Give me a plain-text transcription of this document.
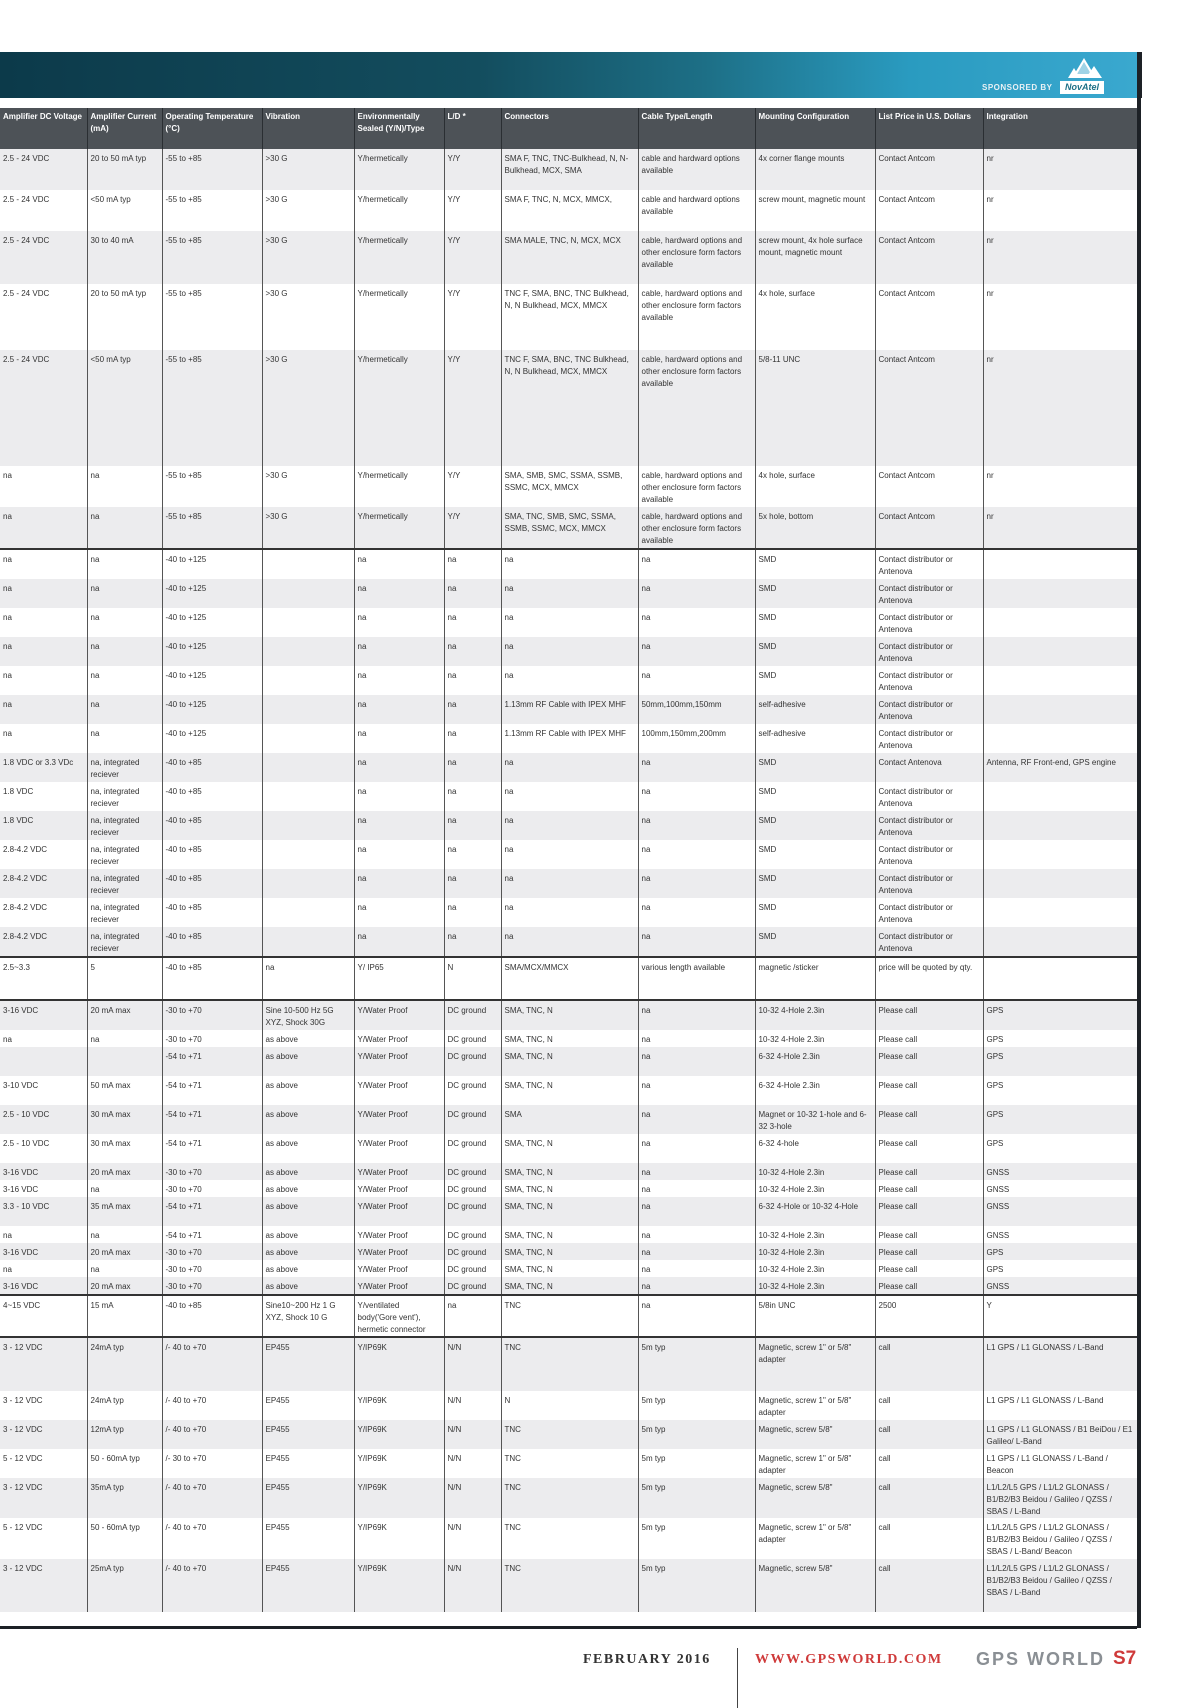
SPONSORED BY	NovAtel
Amplifier DC Voltage	Amplifier Current (mA)	Operating Temperature (°C)	Vibration	Environmentally Sealed (Y/N)/Type	L/D *	Connectors	Cable Type/Length	Mounting Configuration	List Price in U.S. Dollars	Integration
2.5 - 24 VDC	20 to 50 mA typ	-55 to +85	>30 G	Y/hermetically	Y/Y	SMA F, TNC, TNC-Bulkhead, N, N-Bulkhead, MCX, SMA	cable and hardward options available	4x corner flange mounts	Contact Antcom	nr
2.5 - 24 VDC	<50 mA typ	-55 to +85	>30 G	Y/hermetically	Y/Y	SMA F, TNC, N, MCX, MMCX,	cable and hardward options available	screw mount, magnetic mount	Contact Antcom	nr
2.5 - 24 VDC	30 to 40 mA	-55 to +85	>30 G	Y/hermetically	Y/Y	SMA MALE, TNC, N, MCX, MCX	cable, hardward options and other enclosure form factors available	screw mount, 4x hole surface mount, magnetic mount	Contact Antcom	nr
2.5 - 24 VDC	20 to 50 mA typ	-55 to +85	>30 G	Y/hermetically	Y/Y	TNC F, SMA, BNC, TNC Bulkhead, N, N Bulkhead, MCX, MMCX	cable, hardward options and other enclosure form factors available	4x hole, surface	Contact Antcom	nr
2.5 - 24 VDC	<50 mA typ	-55 to +85	>30 G	Y/hermetically	Y/Y	TNC F, SMA, BNC, TNC Bulkhead, N, N Bulkhead, MCX, MMCX	cable, hardward options and other enclosure form factors available	5/8-11 UNC	Contact Antcom	nr
na	na	-55 to +85	>30 G	Y/hermetically	Y/Y	SMA, SMB, SMC, SSMA, SSMB, SSMC, MCX, MMCX	cable, hardward options and other enclosure form factors available	4x hole, surface	Contact Antcom	nr
na	na	-55 to +85	>30 G	Y/hermetically	Y/Y	SMA, TNC, SMB, SMC, SSMA, SSMB, SSMC, MCX, MMCX	cable, hardward options and other enclosure form factors available	5x hole, bottom	Contact Antcom	nr
na	na	-40 to +125		na	na	na	na	SMD	Contact distributor or Antenova	
na	na	-40 to +125		na	na	na	na	SMD	Contact distributor or Antenova	
na	na	-40 to +125		na	na	na	na	SMD	Contact distributor or Antenova	
na	na	-40 to +125		na	na	na	na	SMD	Contact distributor or Antenova	
na	na	-40 to +125		na	na	na	na	SMD	Contact distributor or Antenova	
na	na	-40 to +125		na	na	1.13mm RF Cable with IPEX MHF	50mm,100mm,150mm	self-adhesive	Contact distributor or Antenova	
na	na	-40 to +125		na	na	1.13mm RF Cable with IPEX MHF	100mm,150mm,200mm	self-adhesive	Contact distributor or Antenova	
1.8 VDC or 3.3 VDc	na, integrated reciever	-40 to +85		na	na	na	na	SMD	Contact Antenova	Antenna, RF Front-end, GPS engine
1.8 VDC	na, integrated reciever	-40 to +85		na	na	na	na	SMD	Contact distributor or Antenova	
1.8 VDC	na, integrated reciever	-40 to +85		na	na	na	na	SMD	Contact distributor or Antenova	
2.8-4.2 VDC	na, integrated reciever	-40 to +85		na	na	na	na	SMD	Contact distributor or Antenova	
2.8-4.2 VDC	na, integrated reciever	-40 to +85		na	na	na	na	SMD	Contact distributor or Antenova	
2.8-4.2 VDC	na, integrated reciever	-40 to +85		na	na	na	na	SMD	Contact distributor or Antenova	
2.8-4.2 VDC	na, integrated reciever	-40 to +85		na	na	na	na	SMD	Contact distributor or Antenova	
2.5~3.3	5	-40 to +85	na	Y/ IP65	N	SMA/MCX/MMCX	various length available	magnetic /sticker	price will be quoted by qty.	
3-16 VDC	20 mA max	-30 to +70	Sine 10-500 Hz 5G XYZ, Shock 30G	Y/Water Proof	DC ground	SMA, TNC, N	na	10-32 4-Hole 2.3in	Please call	GPS
na	na	-30 to +70	as above	Y/Water Proof	DC ground	SMA, TNC, N	na	10-32 4-Hole 2.3in	Please call	GPS
		-54 to +71	as above	Y/Water Proof	DC ground	SMA, TNC, N	na	6-32 4-Hole 2.3in	Please call	GPS
3-10 VDC	50 mA max	-54 to +71	as above	Y/Water Proof	DC ground	SMA, TNC, N	na	6-32 4-Hole 2.3in	Please call	GPS
2.5 - 10 VDC	30 mA max	-54 to +71	as above	Y/Water Proof	DC ground	SMA	na	Magnet or 10-32 1-hole and 6-32 3-hole	Please call	GPS
2.5 - 10 VDC	30 mA max	-54 to +71	as above	Y/Water Proof	DC ground	SMA, TNC, N	na	6-32 4-hole	Please call	GPS
3-16 VDC	20 mA max	-30 to +70	as above	Y/Water Proof	DC ground	SMA, TNC, N	na	10-32 4-Hole 2.3in	Please call	GNSS
3-16 VDC	na	-30 to +70	as above	Y/Water Proof	DC ground	SMA, TNC, N	na	10-32 4-Hole 2.3in	Please call	GNSS
3.3 - 10 VDC	35 mA max	-54 to +71	as above	Y/Water Proof	DC ground	SMA, TNC, N	na	6-32 4-Hole or 10-32 4-Hole	Please call	GNSS
na	na	-54 to +71	as above	Y/Water Proof	DC ground	SMA, TNC, N	na	10-32 4-Hole 2.3in	Please call	GNSS
3-16 VDC	20 mA max	-30 to +70	as above	Y/Water Proof	DC ground	SMA, TNC, N	na	10-32 4-Hole 2.3in	Please call	GPS
na	na	-30 to +70	as above	Y/Water Proof	DC ground	SMA, TNC, N	na	10-32 4-Hole 2.3in	Please call	GPS
3-16 VDC	20 mA max	-30 to +70	as above	Y/Water Proof	DC ground	SMA, TNC, N	na	10-32 4-Hole 2.3in	Please call	GNSS
4~15 VDC	15 mA	-40 to +85	Sine10~200 Hz 1 G XYZ, Shock 10 G	Y/ventilated body('Gore vent'), hermetic connector	na	TNC	na	5/8in UNC	2500	Y
3 - 12 VDC	24mA typ	/- 40 to +70	EP455	Y/IP69K	N/N	TNC	5m typ	Magnetic, screw 1" or 5/8" adapter	call	L1 GPS / L1 GLONASS / L-Band
3 - 12 VDC	24mA typ	/- 40 to +70	EP455	Y/IP69K	N/N	N	5m typ	Magnetic, screw 1" or 5/8" adapter	call	L1 GPS / L1 GLONASS / L-Band
3 - 12 VDC	12mA typ	/- 40 to +70	EP455	Y/IP69K	N/N	TNC	5m typ	Magnetic, screw 5/8"	call	L1 GPS / L1 GLONASS / B1 BeiDou / E1 Galileo/ L-Band
5 - 12 VDC	50 - 60mA typ	/- 30 to +70	EP455	Y/IP69K	N/N	TNC	5m typ	Magnetic, screw 1" or 5/8" adapter	call	L1 GPS / L1 GLONASS / L-Band / Beacon
3 - 12 VDC	35mA typ	/- 40 to +70	EP455	Y/IP69K	N/N	TNC	5m typ	Magnetic, screw 5/8"	call	L1/L2/L5 GPS / L1/L2 GLONASS / B1/B2/B3 Beidou / Galileo / QZSS / SBAS / L-Band
5 - 12 VDC	50 - 60mA typ	/- 40 to +70	EP455	Y/IP69K	N/N	TNC	5m typ	Magnetic, screw 1" or 5/8" adapter	call	L1/L2/L5 GPS / L1/L2 GLONASS / B1/B2/B3 Beidou / Galileo / QZSS / SBAS / L-Band/ Beacon
3 - 12 VDC	25mA typ	/- 40 to +70	EP455	Y/IP69K	N/N	TNC	5m typ	Magnetic, screw 5/8"	call	L1/L2/L5 GPS / L1/L2 GLONASS / B1/B2/B3 Beidou / Galileo / QZSS / SBAS / L-Band
FEBRUARY 2016	WWW.GPSWORLD.COM GPS WORLD S7
